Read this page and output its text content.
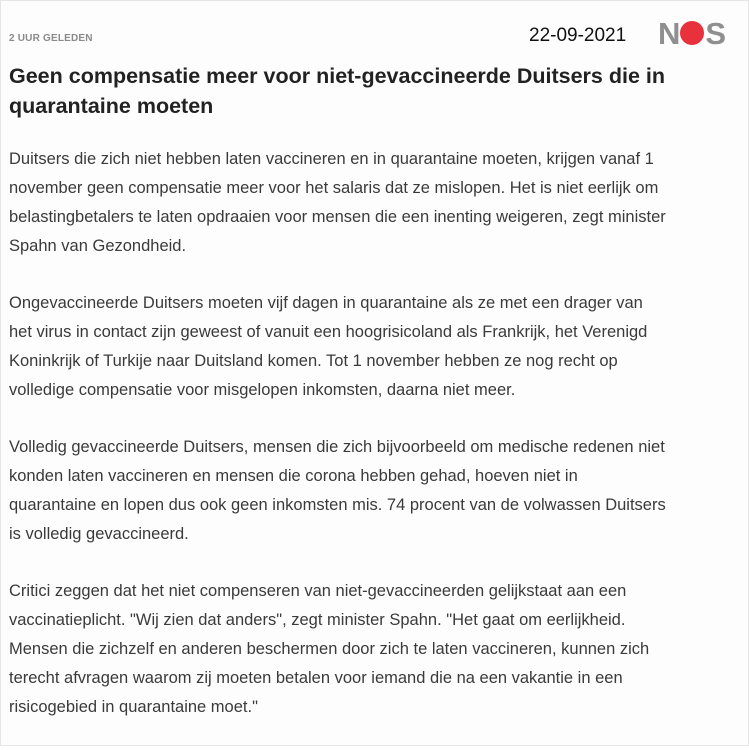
2 UUR GELEDEN	22-09-2021 N S
Geen compensatie meer voor niet-gevaccineerde Duitsers die in quarantaine moeten

Duitsers die zich niet hebben laten vaccineren en in quarantaine moeten, krijgen vanaf 1 november geen compensatie meer voor het salaris dat ze mislopen. Het is niet eerlijk om belastingbetalers te laten opdraaien voor mensen die een inenting weigeren, zegt minister Spahn van Gezondheid.

Ongevaccineerde Duitsers moeten vijf dagen in quarantaine als ze met een drager van het virus in contact zijn geweest of vanuit een hoogrisicoland als Frankrijk, het Verenigd Koninkrijk of Turkije naar Duitsland komen. Tot 1 november hebben ze nog recht op volledige compensatie voor misgelopen inkomsten, daarna niet meer.

Volledig gevaccineerde Duitsers, mensen die zich bijvoorbeeld om medische redenen niet konden laten vaccineren en mensen die corona hebben gehad, hoeven niet in quarantaine en lopen dus ook geen inkomsten mis. 74 procent van de volwassen Duitsers is volledig gevaccineerd.

Critici zeggen dat het niet compenseren van niet-gevaccineerden gelijkstaat aan een vaccinatieplicht. "Wij zien dat anders", zegt minister Spahn. "Het gaat om eerlijkheid. Mensen die zichzelf en anderen beschermen door zich te laten vaccineren, kunnen zich terecht afvragen waarom zij moeten betalen voor iemand die na een vakantie in een risicogebied in quarantaine moet."
